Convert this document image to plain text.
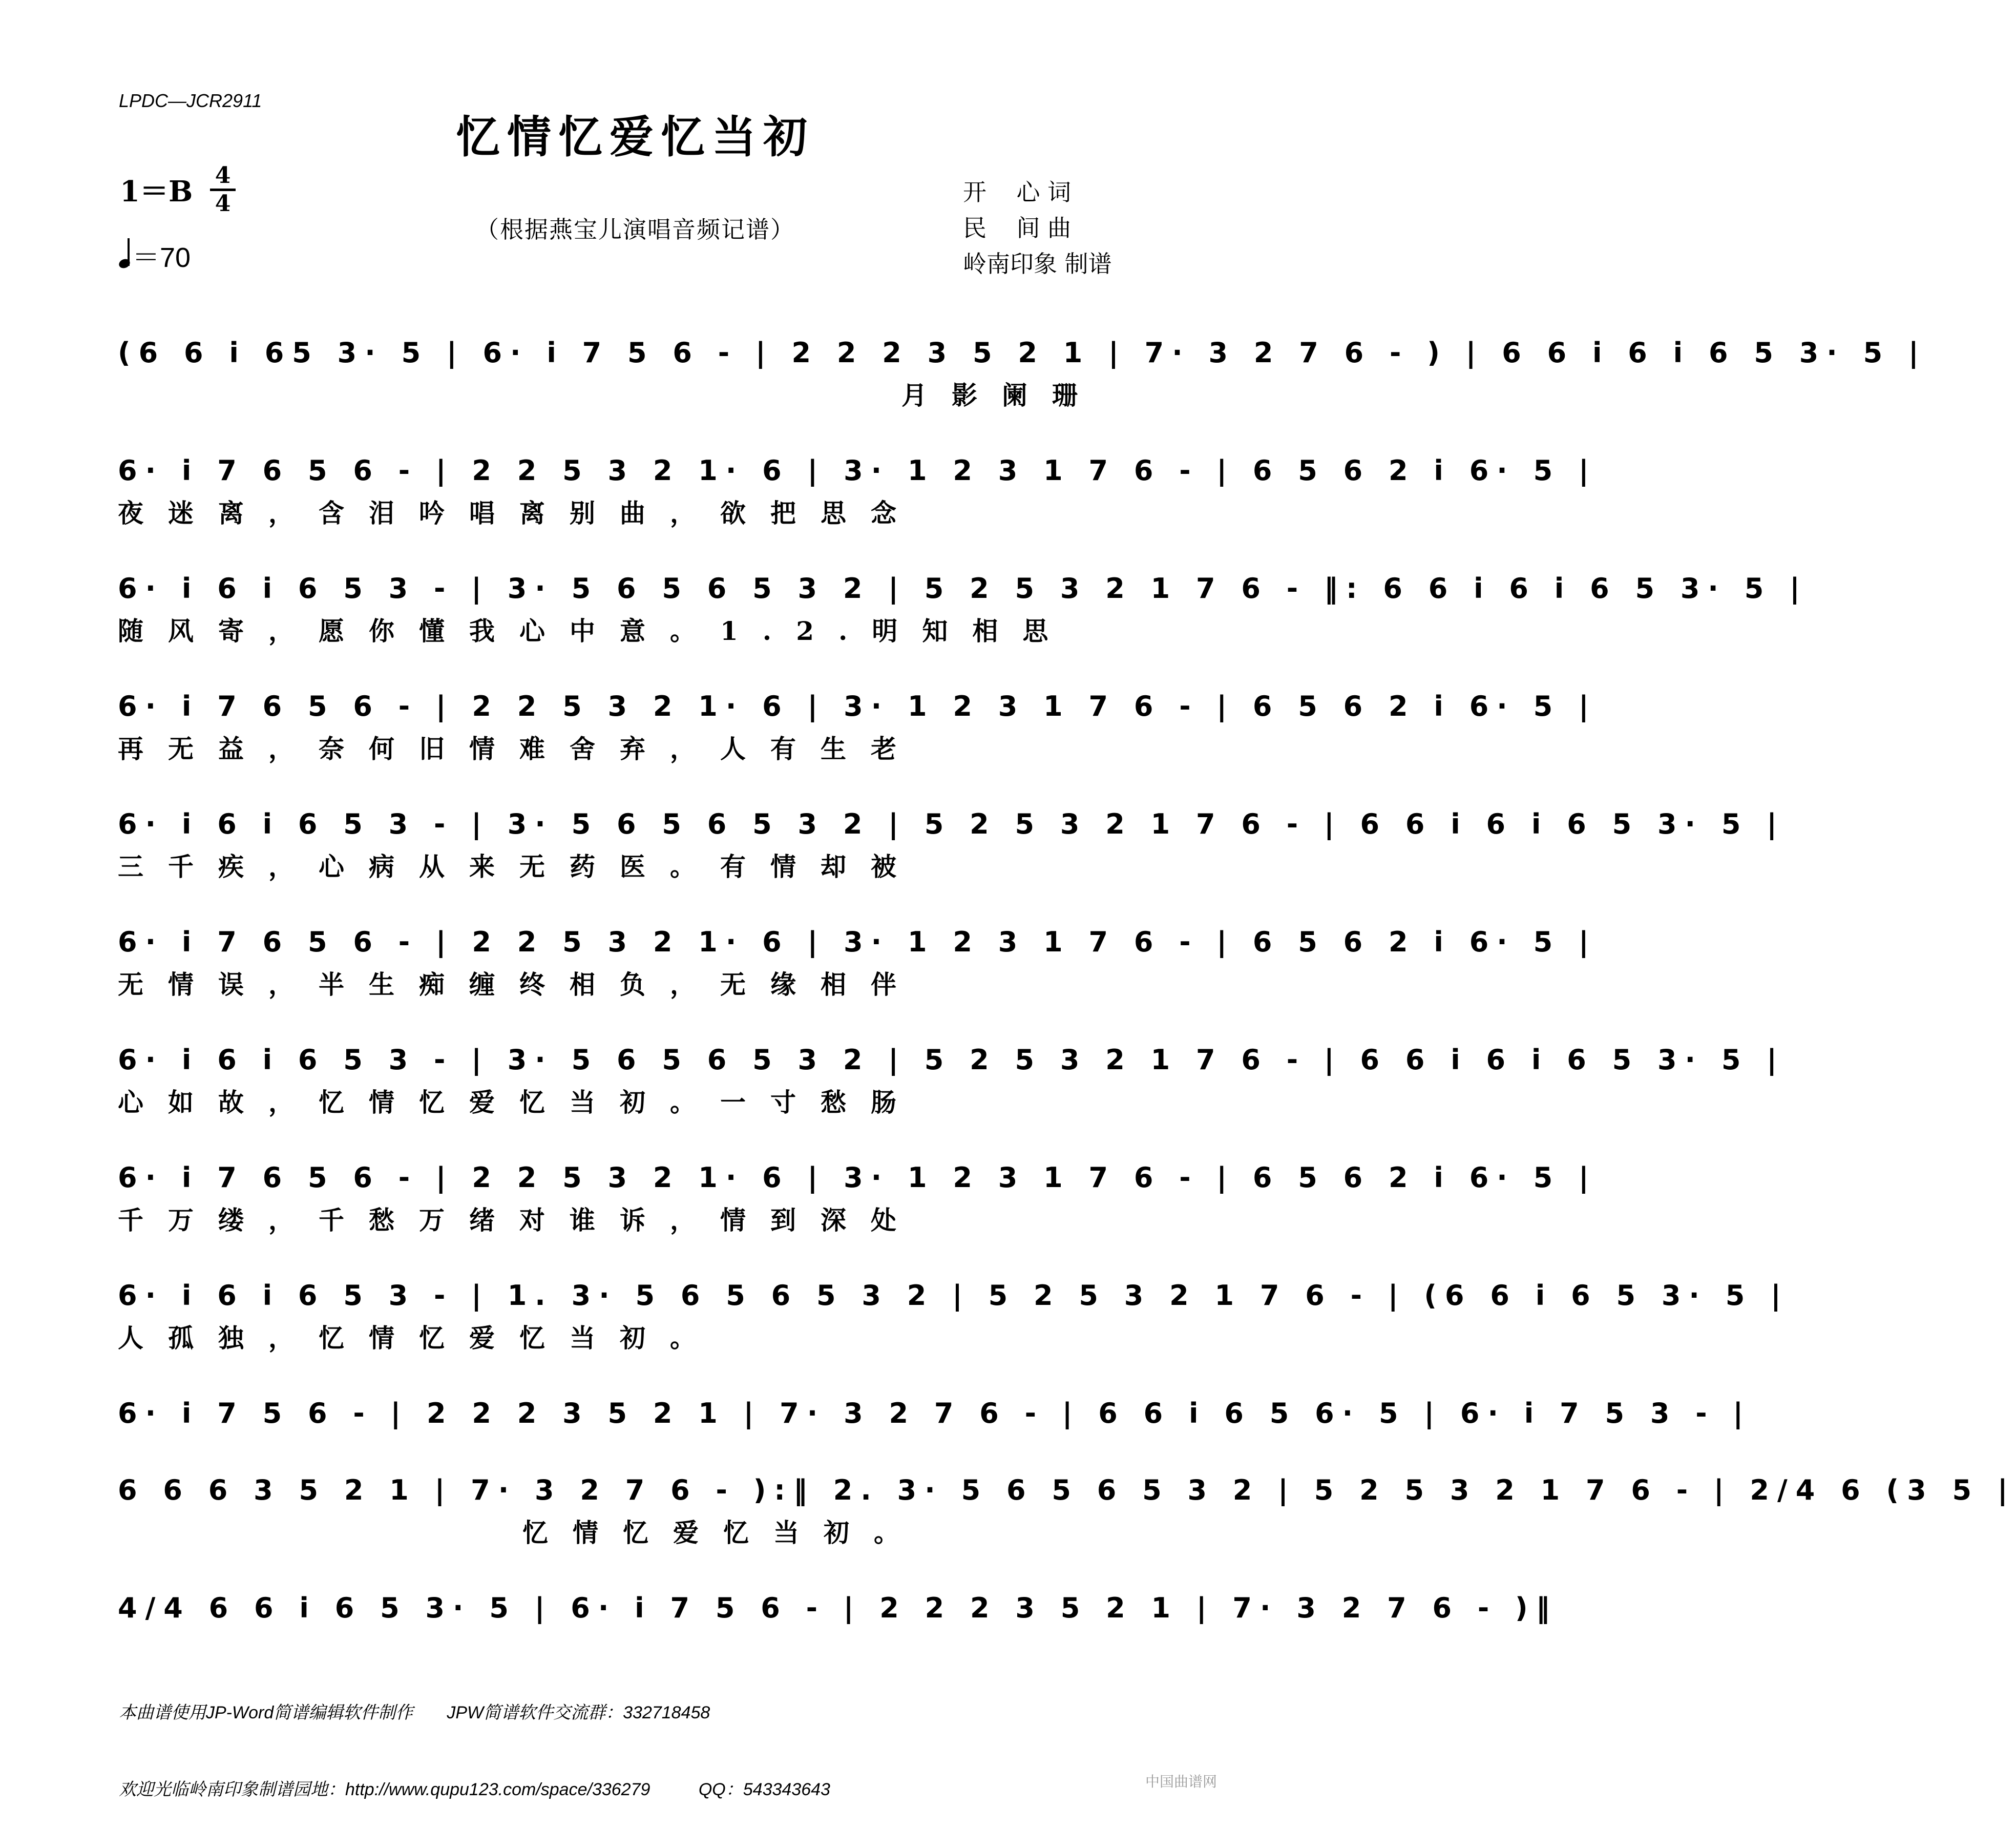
LPDC—JCR2911
忆情忆爱忆当初
（根据燕宝儿演唱音频记谱）
1＝B 4
4
＝70
开    心 词
民    间 曲
岭南印象 制谱
(6 6 i 65 3· 5 | 6· i 7 5 6 - | 2 2 2 3 5 2 1 | 7· 3 2 7 6 - ) | 6 6 i 6 i 6 5 3· 5 |
月影阑珊
6· i 7 6 5 6 - | 2 2 5 3 2 1· 6 | 3· 1 2 3 1 7 6 - | 6 5 6 2 i 6· 5 |
夜迷离，含泪吟唱离别曲，欲把思念
6· i 6 i 6 5 3 - | 3· 5 6 5 6 5 3 2 | 5 2 5 3 2 1 7 6 - ‖: 6 6 i 6 i 6 5 3· 5 |
随风寄，愿你懂我心中意。1.2.明知相思
6· i 7 6 5 6 - | 2 2 5 3 2 1· 6 | 3· 1 2 3 1 7 6 - | 6 5 6 2 i 6· 5 |
再无益，奈何旧情难舍弃，人有生老
6· i 6 i 6 5 3 - | 3· 5 6 5 6 5 3 2 | 5 2 5 3 2 1 7 6 - | 6 6 i 6 i 6 5 3· 5 |
三千疾，心病从来无药医。有情却被
6· i 7 6 5 6 - | 2 2 5 3 2 1· 6 | 3· 1 2 3 1 7 6 - | 6 5 6 2 i 6· 5 |
无情误，半生痴缠终相负，无缘相伴
6· i 6 i 6 5 3 - | 3· 5 6 5 6 5 3 2 | 5 2 5 3 2 1 7 6 - | 6 6 i 6 i 6 5 3· 5 |
心如故，忆情忆爱忆当初。一寸愁肠
6· i 7 6 5 6 - | 2 2 5 3 2 1· 6 | 3· 1 2 3 1 7 6 - | 6 5 6 2 i 6· 5 |
千万缕，千愁万绪对谁诉，情到深处
6· i 6 i 6 5 3 - | 1. 3· 5 6 5 6 5 3 2 | 5 2 5 3 2 1 7 6 - | (6 6 i 6 5 3· 5 |
人孤独，忆情忆爱忆当初。
6· i 7 5 6 - | 2 2 2 3 5 2 1 | 7· 3 2 7 6 - | 6 6 i 6 5 6· 5 | 6· i 7 5 3 - |
6 6 6 3 5 2 1 | 7· 3 2 7 6 - ):‖ 2. 3· 5 6 5 6 5 3 2 | 5 2 5 3 2 1 7 6 - | 2/4 6 (3 5 |
忆情忆爱忆当初。
4/4 6 6 i 6 5 3· 5 | 6· i 7 5 6 - | 2 2 2 3 5 2 1 | 7· 3 2 7 6 - )‖

本曲谱使用JP-Word简谱编辑软件制作       JPW简谱软件交流群：332718458

欢迎光临岭南印象制谱园地：http://www.qupu123.com/space/336279          QQ：543343643	中国曲谱网
